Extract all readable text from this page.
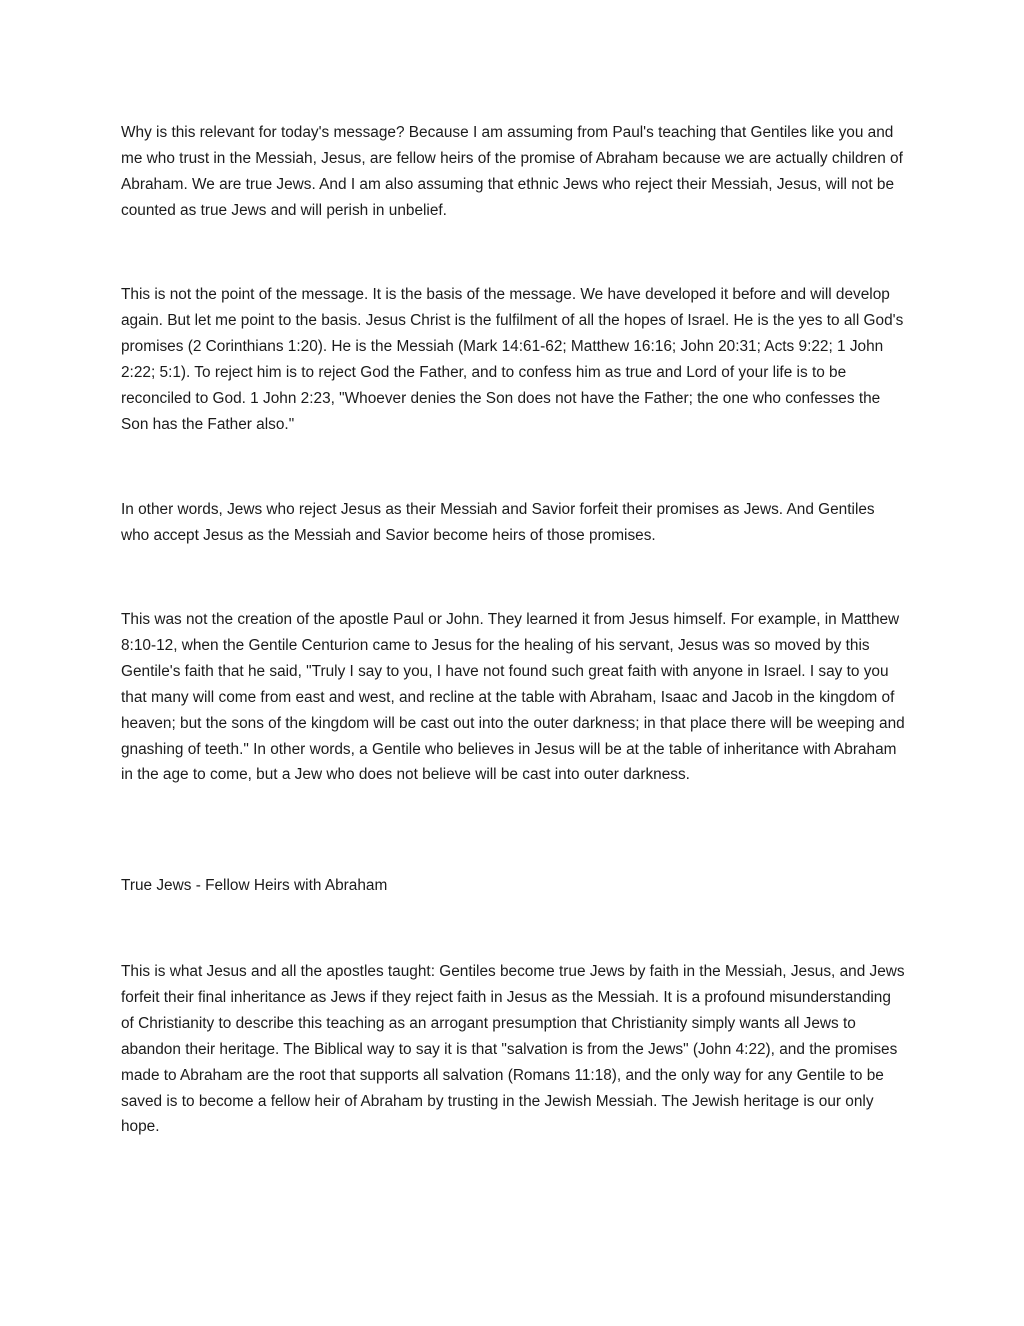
Why is this relevant for today's message? Because I am assuming from Paul's teaching that Gentiles like you and me who trust in the Messiah, Jesus, are fellow heirs of the promise of Abraham because we are actually children of Abraham. We are true Jews. And I am also assuming that ethnic Jews who reject their Messiah, Jesus, will not be counted as true Jews and will perish in unbelief.

This is not the point of the message. It is the basis of the message. We have developed it before and will develop again. But let me point to the basis. Jesus Christ is the fulfilment of all the hopes of Israel. He is the yes to all God's promises (2 Corinthians 1:20). He is the Messiah (Mark 14:61-62; Matthew 16:16; John 20:31; Acts 9:22; 1 John 2:22; 5:1). To reject him is to reject God the Father, and to confess him as true and Lord of your life is to be reconciled to God. 1 John 2:23, "Whoever denies the Son does not have the Father; the one who confesses the Son has the Father also."

In other words, Jews who reject Jesus as their Messiah and Savior forfeit their promises as Jews. And Gentiles who accept Jesus as the Messiah and Savior become heirs of those promises.

This was not the creation of the apostle Paul or John. They learned it from Jesus himself. For example, in Matthew 8:10-12, when the Gentile Centurion came to Jesus for the healing of his servant, Jesus was so moved by this Gentile's faith that he said, "Truly I say to you, I have not found such great faith with anyone in Israel. I say to you that many will come from east and west, and recline at the table with Abraham, Isaac and Jacob in the kingdom of heaven; but the sons of the kingdom will be cast out into the outer darkness; in that place there will be weeping and gnashing of teeth." In other words, a Gentile who believes in Jesus will be at the table of inheritance with Abraham in the age to come, but a Jew who does not believe will be cast into outer darkness.

True Jews - Fellow Heirs with Abraham

This is what Jesus and all the apostles taught: Gentiles become true Jews by faith in the Messiah, Jesus, and Jews forfeit their final inheritance as Jews if they reject faith in Jesus as the Messiah. It is a profound misunderstanding of Christianity to describe this teaching as an arrogant presumption that Christianity simply wants all Jews to abandon their heritage. The Biblical way to say it is that "salvation is from the Jews" (John 4:22), and the promises made to Abraham are the root that supports all salvation (Romans 11:18), and the only way for any Gentile to be saved is to become a fellow heir of Abraham by trusting in the Jewish Messiah. The Jewish heritage is our only hope.
